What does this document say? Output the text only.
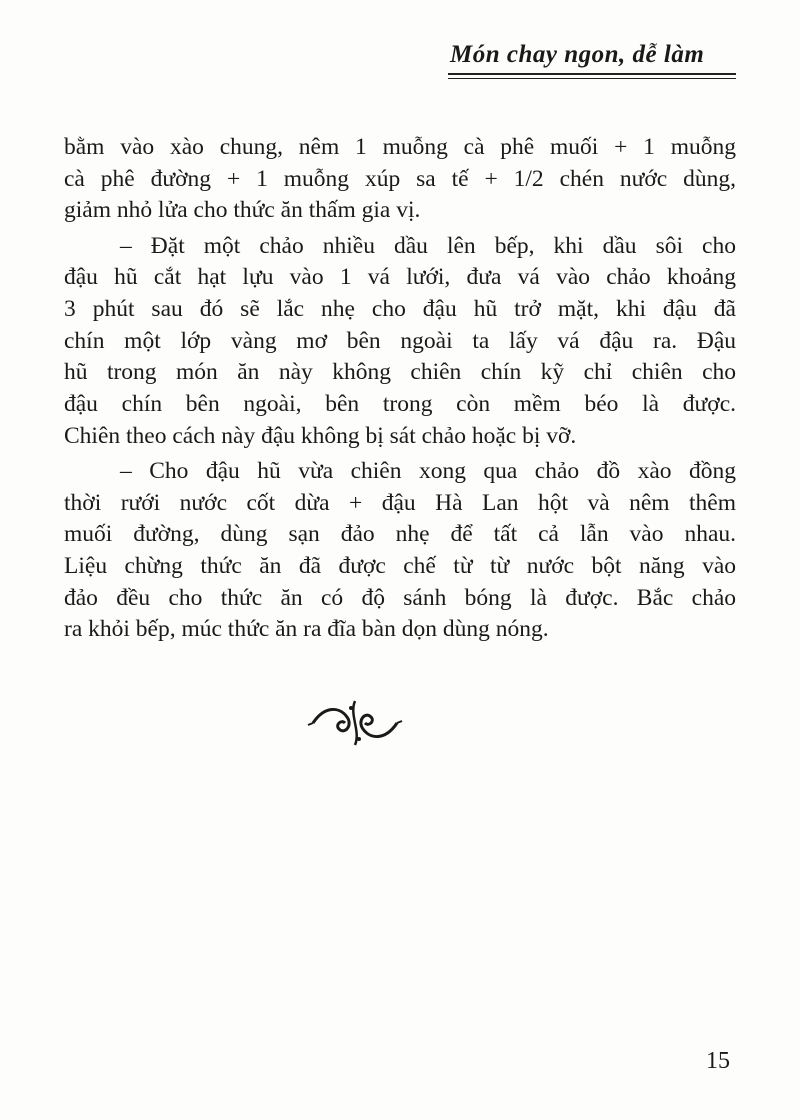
Món chay ngon, dễ làm
bằm vào xào chung, nêm 1 muỗng cà phê muối + 1 muỗng
cà phê đường + 1 muỗng xúp sa tế + 1/2 chén nước dùng,
giảm nhỏ lửa cho thức ăn thấm gia vị.
– Đặt một chảo nhiều dầu lên bếp, khi dầu sôi cho
đậu hũ cắt hạt lựu vào 1 vá lưới, đưa vá vào chảo khoảng
3 phút sau đó sẽ lắc nhẹ cho đậu hũ trở mặt, khi đậu đã
chín một lớp vàng mơ bên ngoài ta lấy vá đậu ra. Đậu
hũ trong món ăn này không chiên chín kỹ chỉ chiên cho
đậu chín bên ngoài, bên trong còn mềm béo là được.
Chiên theo cách này đậu không bị sát chảo hoặc bị vỡ.
– Cho đậu hũ vừa chiên xong qua chảo đồ xào đồng
thời rưới nước cốt dừa + đậu Hà Lan hột và nêm thêm
muối đường, dùng sạn đảo nhẹ để tất cả lẫn vào nhau.
Liệu chừng thức ăn đã được chế từ từ nước bột năng vào
đảo đều cho thức ăn có độ sánh bóng là được. Bắc chảo
ra khỏi bếp, múc thức ăn ra đĩa bàn dọn dùng nóng.
15
